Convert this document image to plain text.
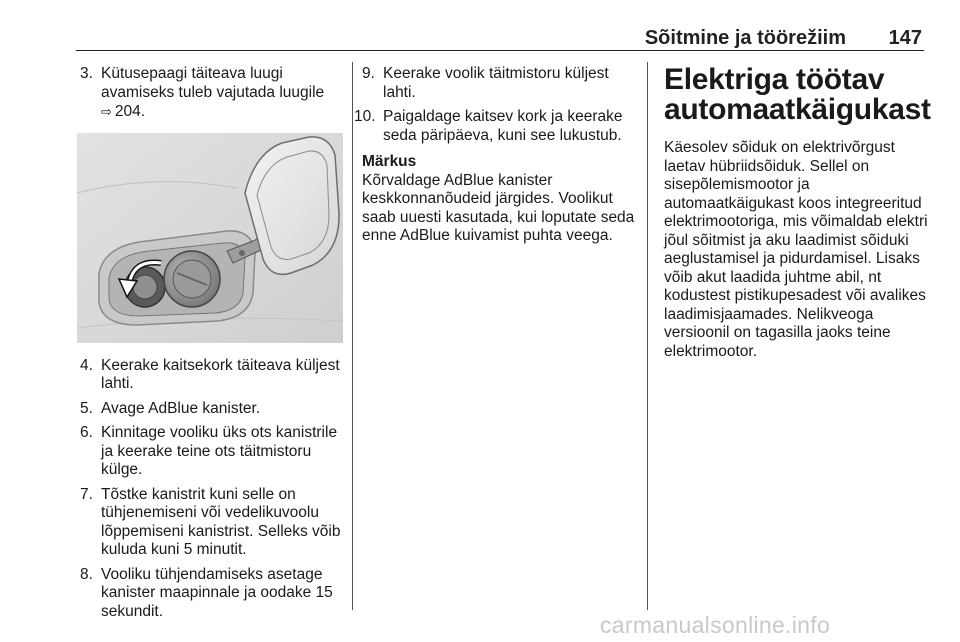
Sõitmine ja töörežiim 147
3. Kütusepaagi täiteava luugi avamiseks tuleb vajutada luugile
⇨ 204.
4. Keerake kaitsekork täiteava küljest lahti.
5. Avage AdBlue kanister.
6. Kinnitage vooliku üks ots kanistrile ja keerake teine ots täitmistoru külge.
7. Tõstke kanistrit kuni selle on tühjenemiseni või vedelikuvoolu lõppemiseni kanistrist. Selleks võib kuluda kuni 5 minutit.
8. Vooliku tühjendamiseks asetage kanister maapinnale ja oodake 15 sekundit.
9. Keerake voolik täitmistoru küljest lahti.
10. Paigaldage kaitsev kork ja keerake seda päripäeva, kuni see lukustub.
Märkus
Kõrvaldage AdBlue kanister keskkonnanõudeid järgides. Voolikut saab uuesti kasutada, kui loputate seda enne AdBlue kuivamist puhta veega.
Elektriga töötav automaatkäigukast
Käesolev sõiduk on elektrivõrgust laetav hübriidsõiduk. Sellel on sisepõlemismootor ja automaatkäigukast koos integreeritud elektrimootoriga, mis võimaldab elektri jõul sõitmist ja aku laadimist sõiduki aeglustamisel ja pidurdamisel. Lisaks võib akut laadida juhtme abil, nt kodustest pistikupesadest või avalikes laadimisjaamades. Nelikveoga versioonil on tagasilla jaoks teine elektrimootor.
carmanualsonline.info
